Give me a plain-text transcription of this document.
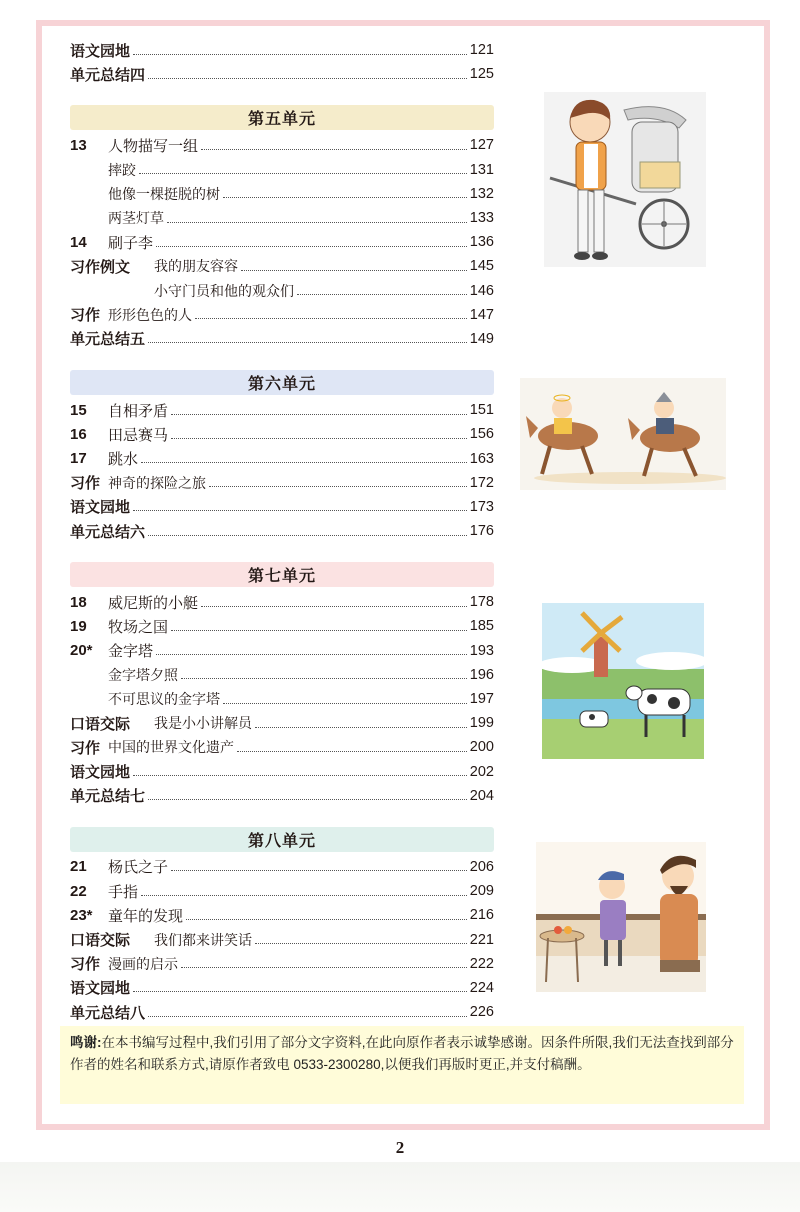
语文园地	121
单元总结四	125
第五单元
13	人物描写一组	127
摔跤	131
他像一棵挺脱的树	132
两茎灯草	133
14	刷子李	136
习作例文	我的朋友容容	145
小守门员和他的观众们	146
习作 形形色色的人	147
单元总结五	149
第六单元
15	自相矛盾	151
16	田忌赛马	156
17	跳水	163
习作 神奇的探险之旅	172
语文园地	173
单元总结六	176
第七单元
18	威尼斯的小艇	178
19	牧场之国	185
20*	金字塔	193
金字塔夕照	196
不可思议的金字塔	197
口语交际	我是小小讲解员	199
习作 中国的世界文化遗产	200
语文园地	202
单元总结七	204
第八单元
21	杨氏之子	206
22	手指	209
23*	童年的发现	216
口语交际	我们都来讲笑话	221
习作 漫画的启示	222
语文园地	224
单元总结八	226
鸣谢:在本书编写过程中,我们引用了部分文字资料,在此向原作者表示诚挚感谢。因条件所限,我们无法查找到部分作者的姓名和联系方式,请原作者致电 0533-2300280,以便我们再版时更正,并支付稿酬。
2
